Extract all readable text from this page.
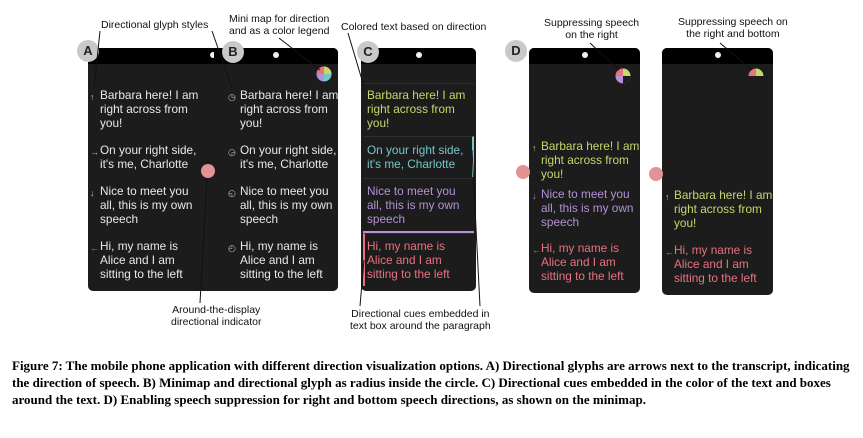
Directional glyph styles Mini map for direction
and as a color legend Colored text based on direction	Suppressing speech
on the right
Suppressing speech on
the right and bottom
Around-the-display
directional indicator
Directional cues embedded in
text box around the paragraph
↑ Barbara here! I am
right across from
you!
→ On your right side,
it's me, Charlotte
↓ Nice to meet you
all, this is my own
speech
← Hi, my name is
Alice and I am
sitting to the left
◷ Barbara here! I am
right across from
you!
◶ On your right side,
it's me, Charlotte
◵ Nice to meet you
all, this is my own
speech
◴ Hi, my name is
Alice and I am
sitting to the left
Barbara here! I am
right across from
you!
On your right side,
it's me, Charlotte
Nice to meet you
all, this is my own
speech
Hi, my name is
Alice and I am
sitting to the left
↑ Barbara here! I am
right across from
you!
↓ Nice to meet you
all, this is my own
speech
← Hi, my name is
Alice and I am
sitting to the left
↑ Barbara here! I am
right across from
you!
← Hi, my name is
Alice and I am
sitting to the left
A	B	C	D
Figure 7: The mobile phone application with different direction visualization options. A) Directional glyphs are arrows next to the transcript, indicating the direction of speech. B) Minimap and directional glyph as radius inside the circle. C) Directional cues embedded in the color of the text and boxes around the text. D) Enabling speech suppression for right and bottom speech directions, as shown on the minimap.
